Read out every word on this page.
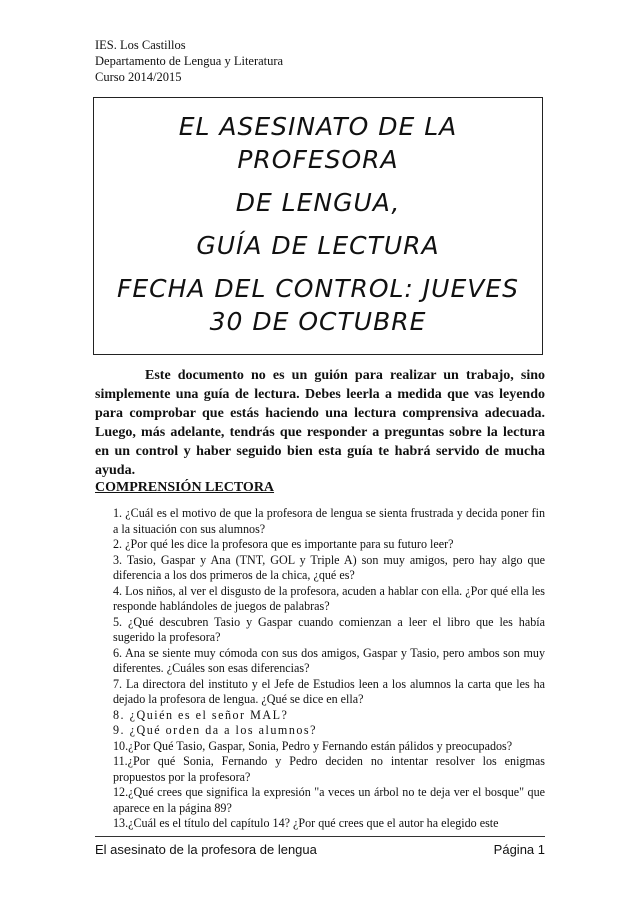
IES. Los Castillos
Departamento de Lengua y Literatura
Curso 2014/2015
EL ASESINATO DE LA
PROFESORA
DE LENGUA,
GUÍA DE LECTURA
FECHA DEL CONTROL: JUEVES
30 DE OCTUBRE
Este documento no es un guión para realizar un trabajo, sino simplemente una guía de lectura. Debes leerla a medida que vas leyendo para comprobar que estás haciendo una lectura comprensiva adecuada. Luego, más adelante, tendrás que responder a preguntas sobre la lectura en un control y haber seguido bien esta guía te habrá servido de mucha ayuda.
COMPRENSIÓN LECTORA

1. ¿Cuál es el motivo de que la profesora de lengua se sienta frustrada y decida poner fin a la situación con sus alumnos?

2. ¿Por qué les dice la profesora que es importante para su futuro leer?

3. Tasio, Gaspar y Ana (TNT, GOL y Triple A) son muy amigos, pero hay algo que diferencia a los dos primeros de la chica, ¿qué es?

4. Los niños, al ver el disgusto de la profesora, acuden a hablar con ella. ¿Por qué ella les responde hablándoles de juegos de palabras?

5. ¿Qué descubren Tasio y Gaspar cuando comienzan a leer el libro que les había sugerido la profesora?

6. Ana se siente muy cómoda con sus dos amigos, Gaspar y Tasio, pero ambos son muy diferentes. ¿Cuáles son esas diferencias?

7. La directora del instituto y el Jefe de Estudios leen a los alumnos la carta que les ha dejado la profesora de lengua. ¿Qué se dice en ella?

8. ¿Quién es el señor MAL?

9. ¿Qué orden da a los alumnos?

10.¿Por Qué Tasio, Gaspar, Sonia, Pedro y Fernando están pálidos y preocupados?

11.¿Por qué Sonia, Fernando y Pedro deciden no intentar resolver los enigmas propuestos por la profesora?

12.¿Qué crees que significa la expresión "a veces un árbol no te deja ver el bosque" que aparece en la página 89?

13.¿Cuál es el título del capítulo 14? ¿Por qué crees que el autor ha elegido este

El asesinato de la profesora de lengua	Página 1
